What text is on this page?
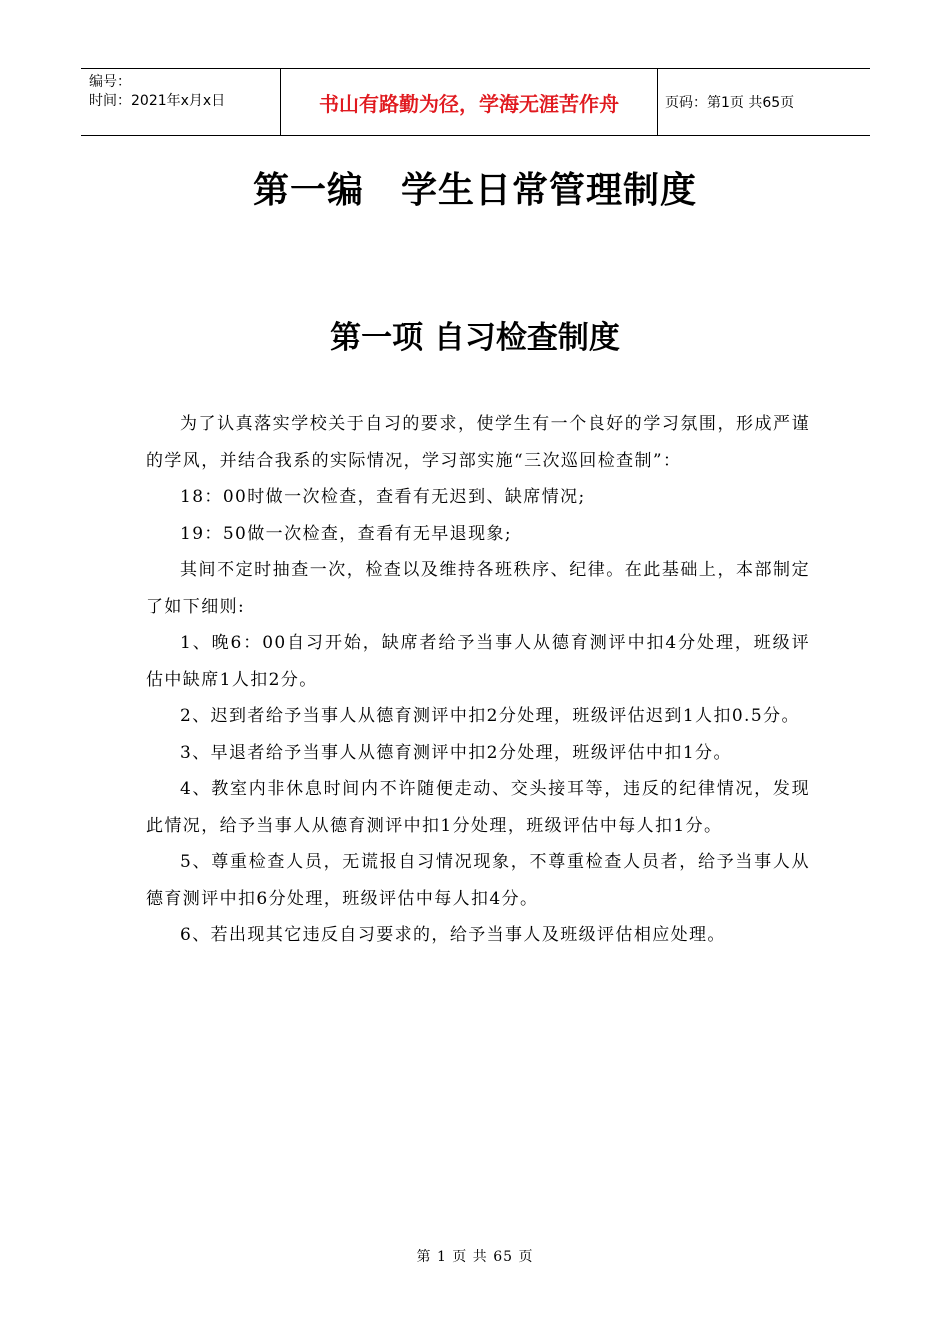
编号：
时间：2021年x月x日	书山有路勤为径，学海无涯苦作舟	页码：第1页 共65页
第一编　学生日常管理制度
第一项 自习检查制度

为了认真落实学校关于自习的要求，使学生有一个良好的学习氛围，形成严谨的学风，并结合我系的实际情况，学习部实施“三次巡回检查制”：

18：00时做一次检查，查看有无迟到、缺席情况;

19：50做一次检查，查看有无早退现象;

其间不定时抽查一次，检查以及维持各班秩序、纪律。在此基础上，本部制定了如下细则:

1、晚6：00自习开始，缺席者给予当事人从德育测评中扣4分处理，班级评估中缺席1人扣2分。

2、迟到者给予当事人从德育测评中扣2分处理，班级评估迟到1人扣0.5分。

3、早退者给予当事人从德育测评中扣2分处理，班级评估中扣1分。

4、教室内非休息时间内不许随便走动、交头接耳等，违反的纪律情况，发现此情况，给予当事人从德育测评中扣1分处理，班级评估中每人扣1分。

5、尊重检查人员，无谎报自习情况现象，不尊重检查人员者，给予当事人从德育测评中扣6分处理，班级评估中每人扣4分。

6、若出现其它违反自习要求的，给予当事人及班级评估相应处理。

第 1 页 共 65 页
